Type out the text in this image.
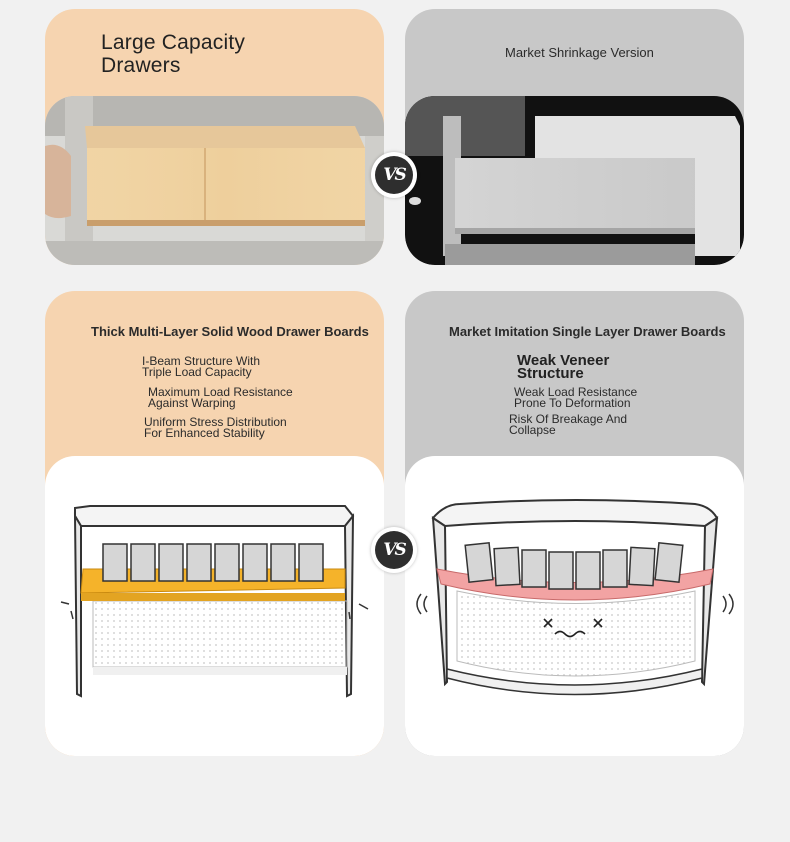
Large Capacity
Drawers
Market Shrinkage Version
VS
Thick Multi-Layer Solid Wood Drawer Boards
I-Beam Structure With
Triple Load Capacity
Maximum Load Resistance
Against Warping
Uniform Stress Distribution
For Enhanced Stability
Market Imitation Single Layer Drawer Boards
Weak Veneer
Structure
Weak Load Resistance
Prone To Deformation
Risk Of Breakage And
Collapse
VS
